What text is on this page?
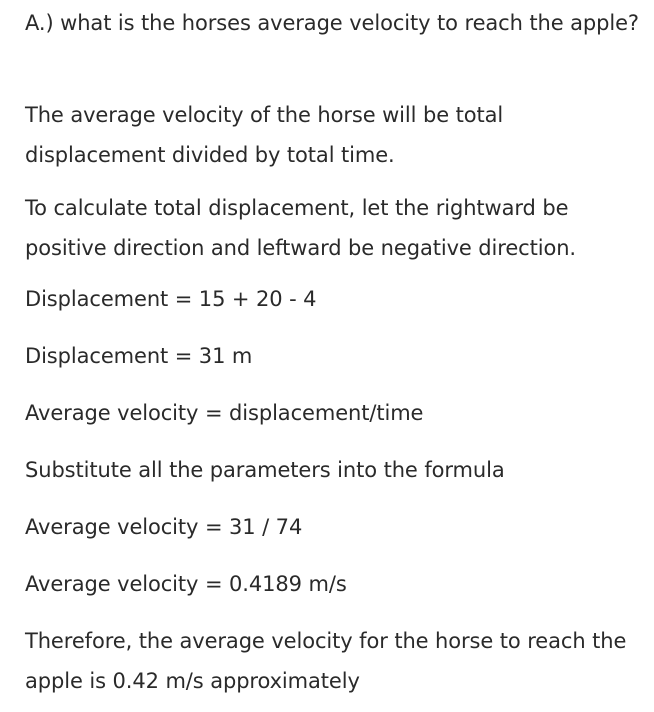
A.) what is the horses average velocity to reach the apple?

The average velocity of the horse will be total displacement divided by total time.

To calculate total displacement, let the rightward be positive direction and leftward be negative direction.

Displacement = 15 + 20 - 4

Displacement = 31 m

Average velocity = displacement/time

Substitute all the parameters into the formula

Average velocity = 31 / 74

Average velocity = 0.4189 m/s

Therefore, the average velocity for the horse to reach the apple is 0.42 m/s approximately
